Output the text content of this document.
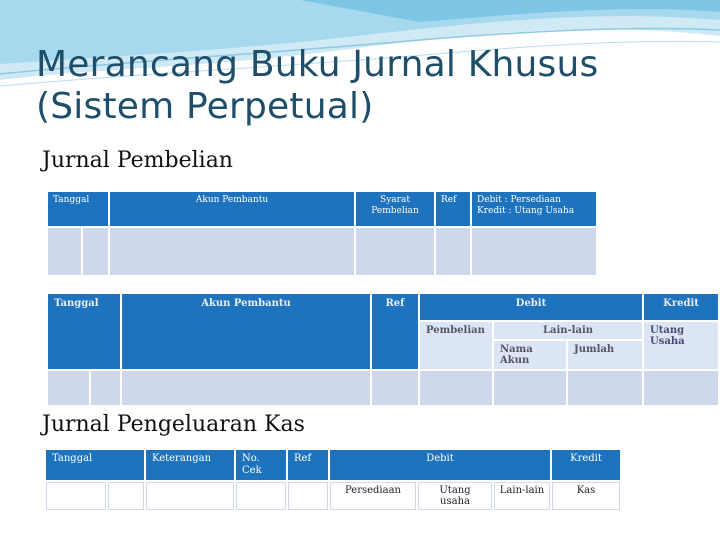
Merancang Buku Jurnal Khusus
(Sistem Perpetual)
Jurnal Pembelian
Tanggal		Akun Pembantu	Syarat Pembelian	Ref	Debit : Persediaan
Kredit : Utang Usaha

Tanggal		Akun Pembantu	Ref	Debit			Kredit
				Pembelian	Lain-lain		Utang Usaha
					Nama Akun	Jumlah	

Jurnal Pengeluaran Kas
Tanggal		Keterangan	No. Cek	Ref	Debit			Kredit
					Persediaan	Utang usaha	Lain-lain	Kas
